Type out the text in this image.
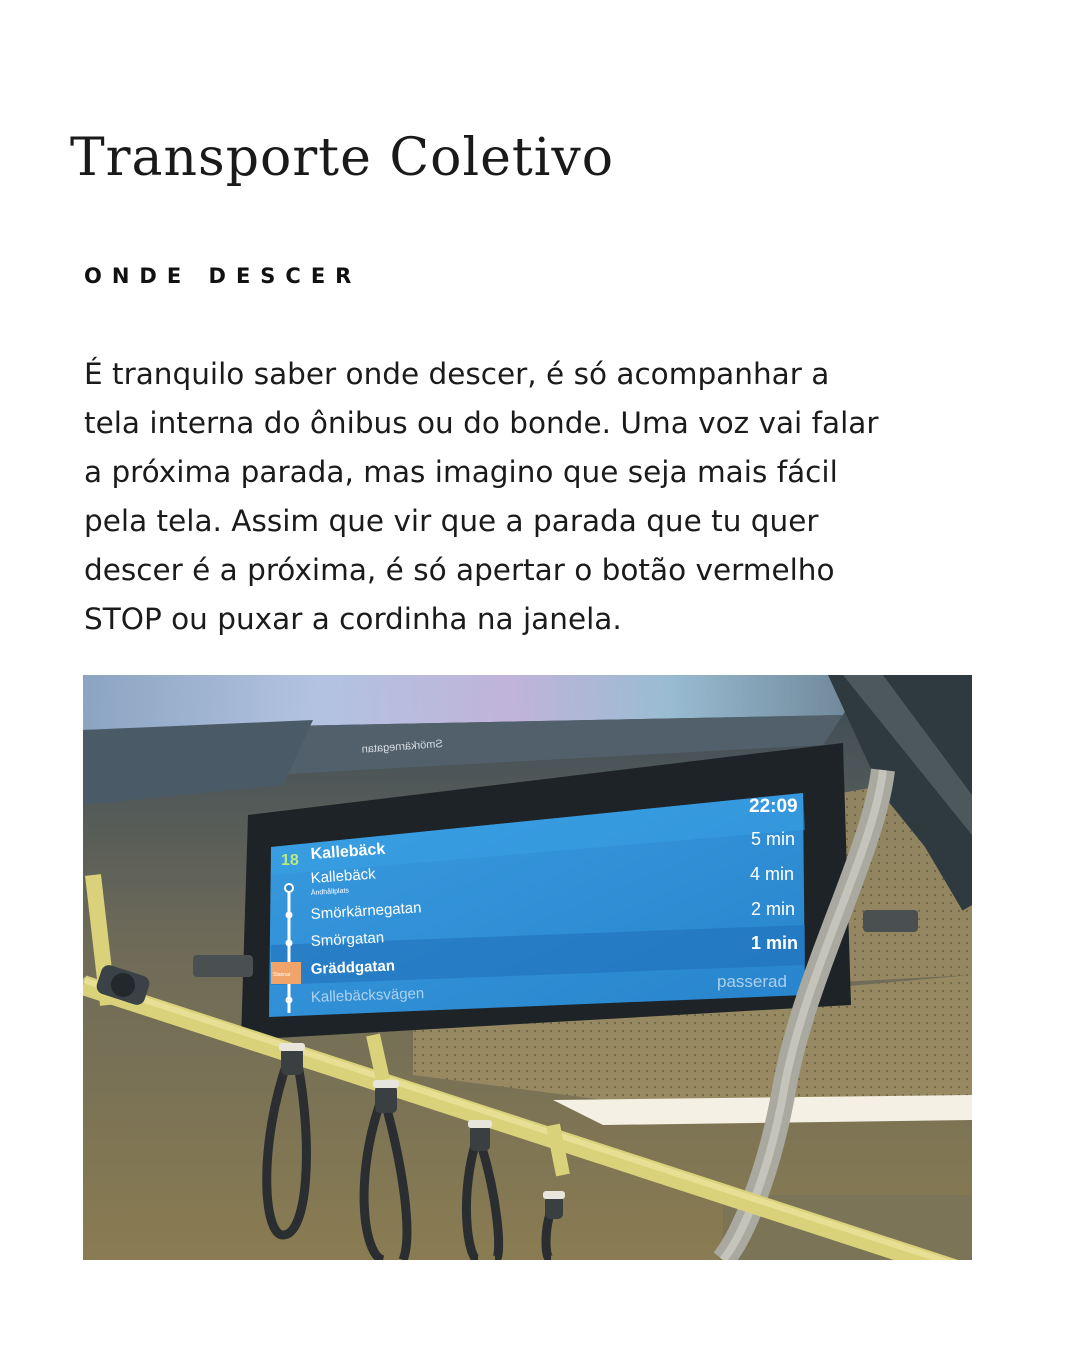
Transporte Coletivo
ONDE DESCER

É tranquilo saber onde descer, é só acompanhar a
tela interna do ônibus ou do bonde. Uma voz vai falar
a próxima parada, mas imagino que seja mais fácil
pela tela. Assim que vir que a parada que tu quer
descer é a próxima, é só apertar o botão vermelho
STOP ou puxar a cordinha na janela.

22:09
18 Kallebäck
5 min
Kallebäck
Ändhållplats
4 min
Smörkärnegatan	2 min
Smörgatan	1 min
Stannar Gräddgatan
Kallebäcksvägen
passerad
Smörkärnegatan
